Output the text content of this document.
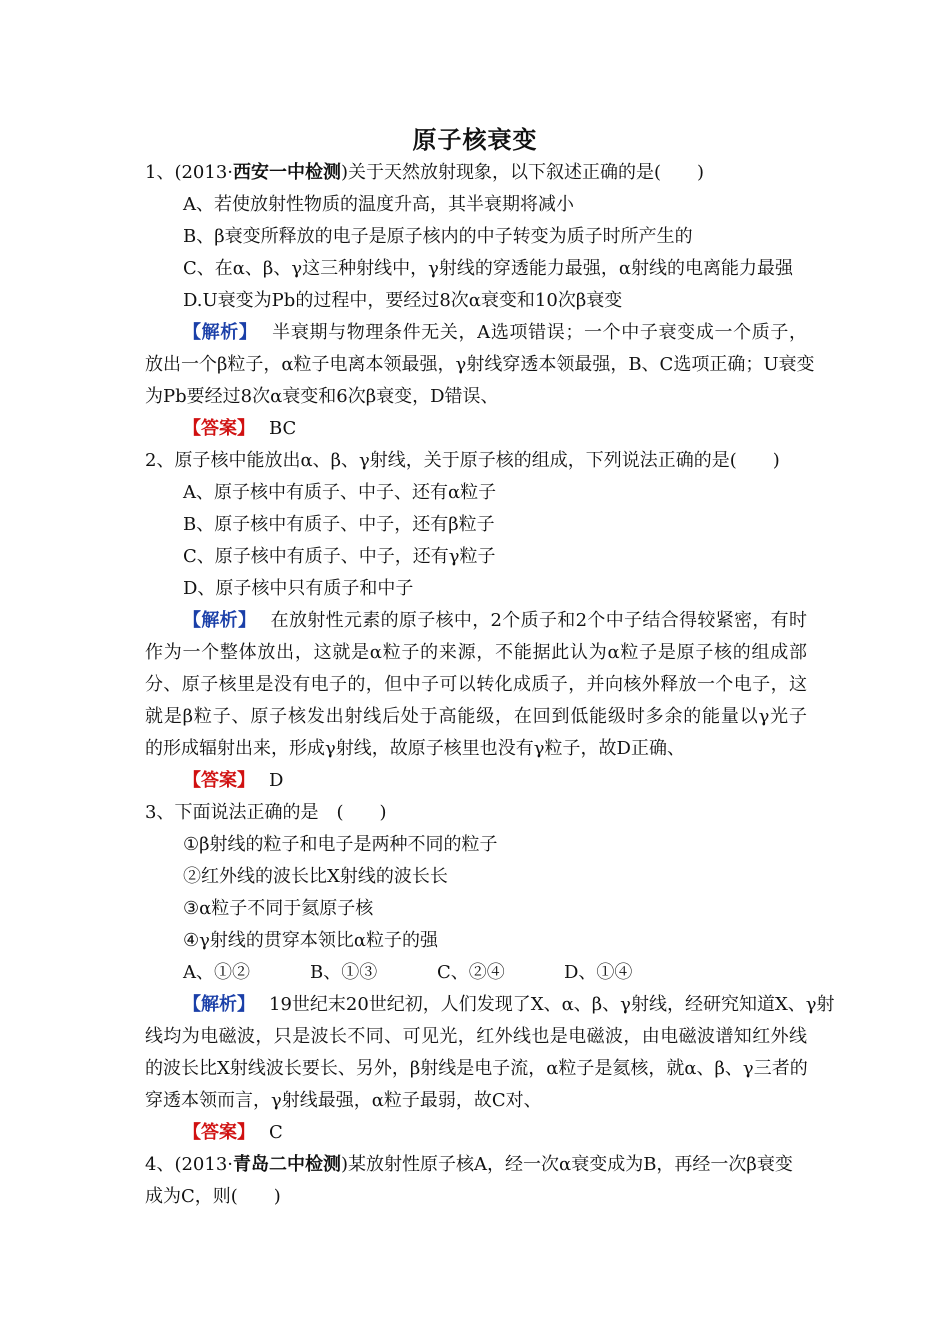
原子核衰变
1、(2013·西安一中检测)关于天然放射现象，以下叙述正确的是(　　)
A、若使放射性物质的温度升高，其半衰期将减小
B、β衰变所释放的电子是原子核内的中子转变为质子时所产生的
C、在α、β、γ这三种射线中，γ射线的穿透能力最强，α射线的电离能力最强
D.U衰变为Pb的过程中，要经过8次α衰变和10次β衰变
【解析】 半衰期与物理条件无关，A选项错误；一个中子衰变成一个质子，
放出一个β粒子，α粒子电离本领最强，γ射线穿透本领最强，B、C选项正确；U衰变
为Pb要经过8次α衰变和6次β衰变，D错误、
【答案】 BC
2、原子核中能放出α、β、γ射线，关于原子核的组成，下列说法正确的是(　　)
A、原子核中有质子、中子、还有α粒子
B、原子核中有质子、中子，还有β粒子
C、原子核中有质子、中子，还有γ粒子
D、原子核中只有质子和中子
【解析】 在放射性元素的原子核中，2个质子和2个中子结合得较紧密，有时
作为一个整体放出，这就是α粒子的来源，不能据此认为α粒子是原子核的组成部
分、原子核里是没有电子的，但中子可以转化成质子，并向核外释放一个电子，这
就是β粒子、原子核发出射线后处于高能级，在回到低能级时多余的能量以γ光子
的形成辐射出来，形成γ射线，故原子核里也没有γ粒子，故D正确、
【答案】 D
3、下面说法正确的是　(　　)
①β射线的粒子和电子是两种不同的粒子
②红外线的波长比X射线的波长长
③α粒子不同于氦原子核
④γ射线的贯穿本领比α粒子的强
A、①②	B、①③	C、②④	D、①④
【解析】 19世纪末20世纪初，人们发现了X、α、β、γ射线，经研究知道X、γ射
线均为电磁波，只是波长不同、可见光，红外线也是电磁波，由电磁波谱知红外线
的波长比X射线波长要长、另外，β射线是电子流，α粒子是氦核，就α、β、γ三者的
穿透本领而言，γ射线最强，α粒子最弱，故C对、
【答案】 C
4、(2013·青岛二中检测)某放射性原子核A，经一次α衰变成为B，再经一次β衰变
成为C，则(　　)
